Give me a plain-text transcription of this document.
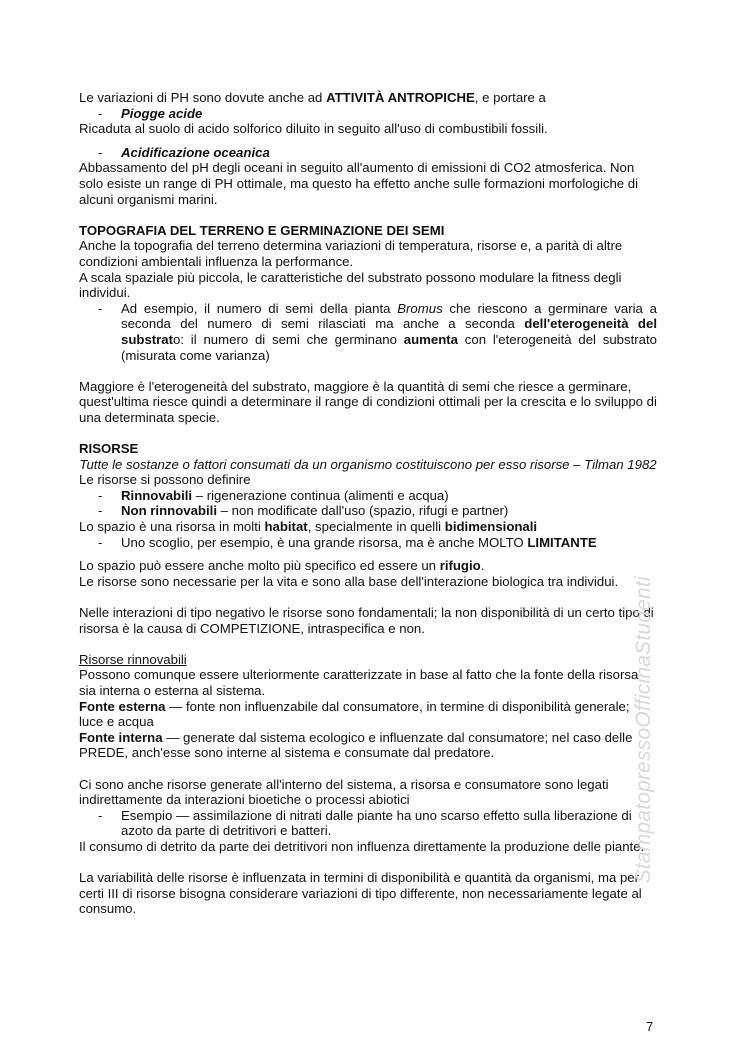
Le variazioni di PH sono dovute anche ad ATTIVITÀ ANTROPICHE, e portare a

- Piogge acide

Ricaduta al suolo di acido solforico diluito in seguito all'uso di combustibili fossili.

- Acidificazione oceanica

Abbassamento del pH degli oceani in seguito all'aumento di emissioni di CO2 atmosferica. Non solo esiste un range di PH ottimale, ma questo ha effetto anche sulle formazioni morfologiche di alcuni organismi marini.

TOPOGRAFIA DEL TERRENO E GERMINAZIONE DEI SEMI

Anche la topografia del terreno determina variazioni di temperatura, risorse e, a parità di altre condizioni ambientali influenza la performance.

A scala spaziale più piccola, le caratteristiche del substrato possono modulare la fitness degli individui.

- Ad esempio, il numero di semi della pianta Bromus che riescono a germinare varia a seconda del numero di semi rilasciati ma anche a seconda dell'eterogeneità del substrato: il numero di semi che germinano aumenta con l'eterogeneità del substrato (misurata come varianza)

Maggiore è l'eterogeneità del substrato, maggiore è la quantità di semi che riesce a germinare, quest'ultima riesce quindi a determinare il range di condizioni ottimali per la crescita e lo sviluppo di una determinata specie.

RISORSE

Tutte le sostanze o fattori consumati da un organismo costituiscono per esso risorse – Tilman 1982

Le risorse si possono definire

- Rinnovabili – rigenerazione continua (alimenti e acqua)

- Non rinnovabili – non modificate dall'uso (spazio, rifugi e partner)

Lo spazio è una risorsa in molti habitat, specialmente in quelli bidimensionali

- Uno scoglio, per esempio, è una grande risorsa, ma è anche MOLTO LIMITANTE

Lo spazio può essere anche molto più specifico ed essere un rifugio.

Le risorse sono necessarie per la vita e sono alla base dell'interazione biologica tra individui.

Nelle interazioni di tipo negativo le risorse sono fondamentali; la non disponibilità di un certo tipo di risorsa è la causa di COMPETIZIONE, intraspecifica e non.

Risorse rinnovabili

Possono comunque essere ulteriormente caratterizzate in base al fatto che la fonte della risorsa sia interna o esterna al sistema.

Fonte esterna — fonte non influenzabile dal consumatore, in termine di disponibilità generale; luce e acqua

Fonte interna — generate dal sistema ecologico e influenzate dal consumatore; nel caso delle PREDE, anch'esse sono interne al sistema e consumate dal predatore.

Ci sono anche risorse generate all'interno del sistema, a risorsa e consumatore sono legati indirettamente da interazioni bioetiche o processi abiotici

- Esempio — assimilazione di nitrati dalle piante ha uno scarso effetto sulla liberazione di azoto da parte di detritivori e batteri.

Il consumo di detrito da parte dei detritivori non influenza direttamente la produzione delle piante.

La variabilità delle risorse è influenzata in termini di disponibilità e quantità da organismi, ma per certi III di risorse bisogna considerare variazioni di tipo differente, non necessariamente legate al consumo.

StampatopressoOfficinaStudenti
7
